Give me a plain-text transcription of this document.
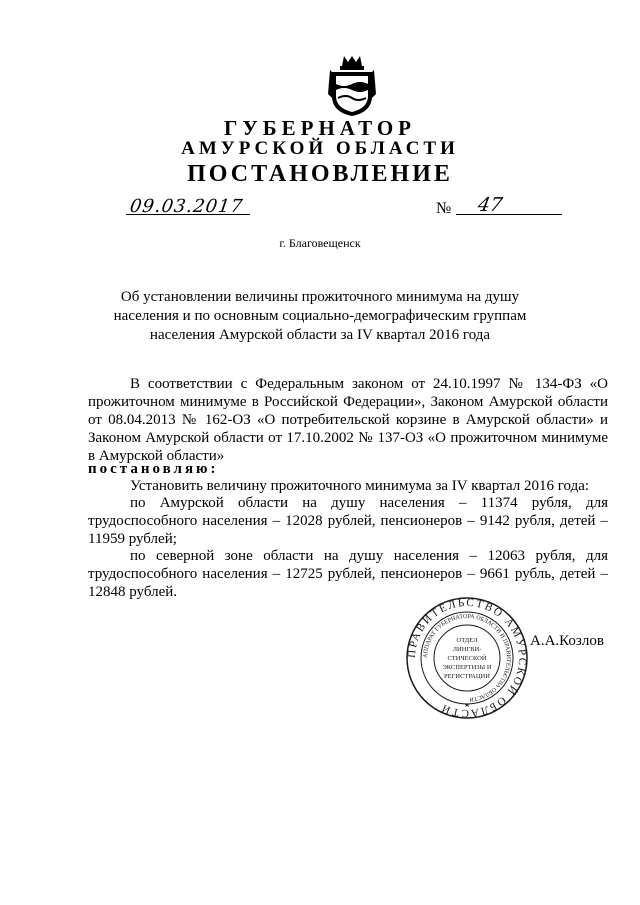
ГУБЕРНАТОР
АМУРСКОЙ ОБЛАСТИ
ПОСТАНОВЛЕНИЕ
09.03.2017	№ 47
г. Благовещенск
Об установлении величины прожиточного минимума на душу населения и по основным социально-демографическим группам населения Амурской области за IV квартал 2016 года
В соответствии с Федеральным законом от 24.10.1997 № 134-ФЗ «О прожиточном минимуме в Российской Федерации», Законом Амурской области от 08.04.2013 № 162-ОЗ «О потребительской корзине в Амурской области» и Законом Амурской области от 17.10.2002 № 137-ОЗ «О прожиточном минимуме в Амурской области»
постановляю:
Установить величину прожиточного минимума за IV квартал 2016 года:
по Амурской области на душу населения – 11374 рубля, для трудоспособного населения – 12028 рублей, пенсионеров – 9142 рубля, детей – 11959 рублей;
по северной зоне области на душу населения – 12063 рубля, для трудоспособного населения – 12725 рублей, пенсионеров – 9661 рубль, детей – 12848 рублей.
ПРАВИТЕЛЬСТВО АМУРСКОЙ ОБЛАСТИ
АППАРАТ ГУБЕРНАТОРА ОБЛАСТИ И ПРАВИТЕЛЬСТВА ОБЛАСТИ
ОТДЕЛ
ЛИНГВИ-
СТИЧЕСКОЙ
ЭКСПЕРТИЗЫ И
РЕГИСТРАЦИИ
А.А.Козлов
